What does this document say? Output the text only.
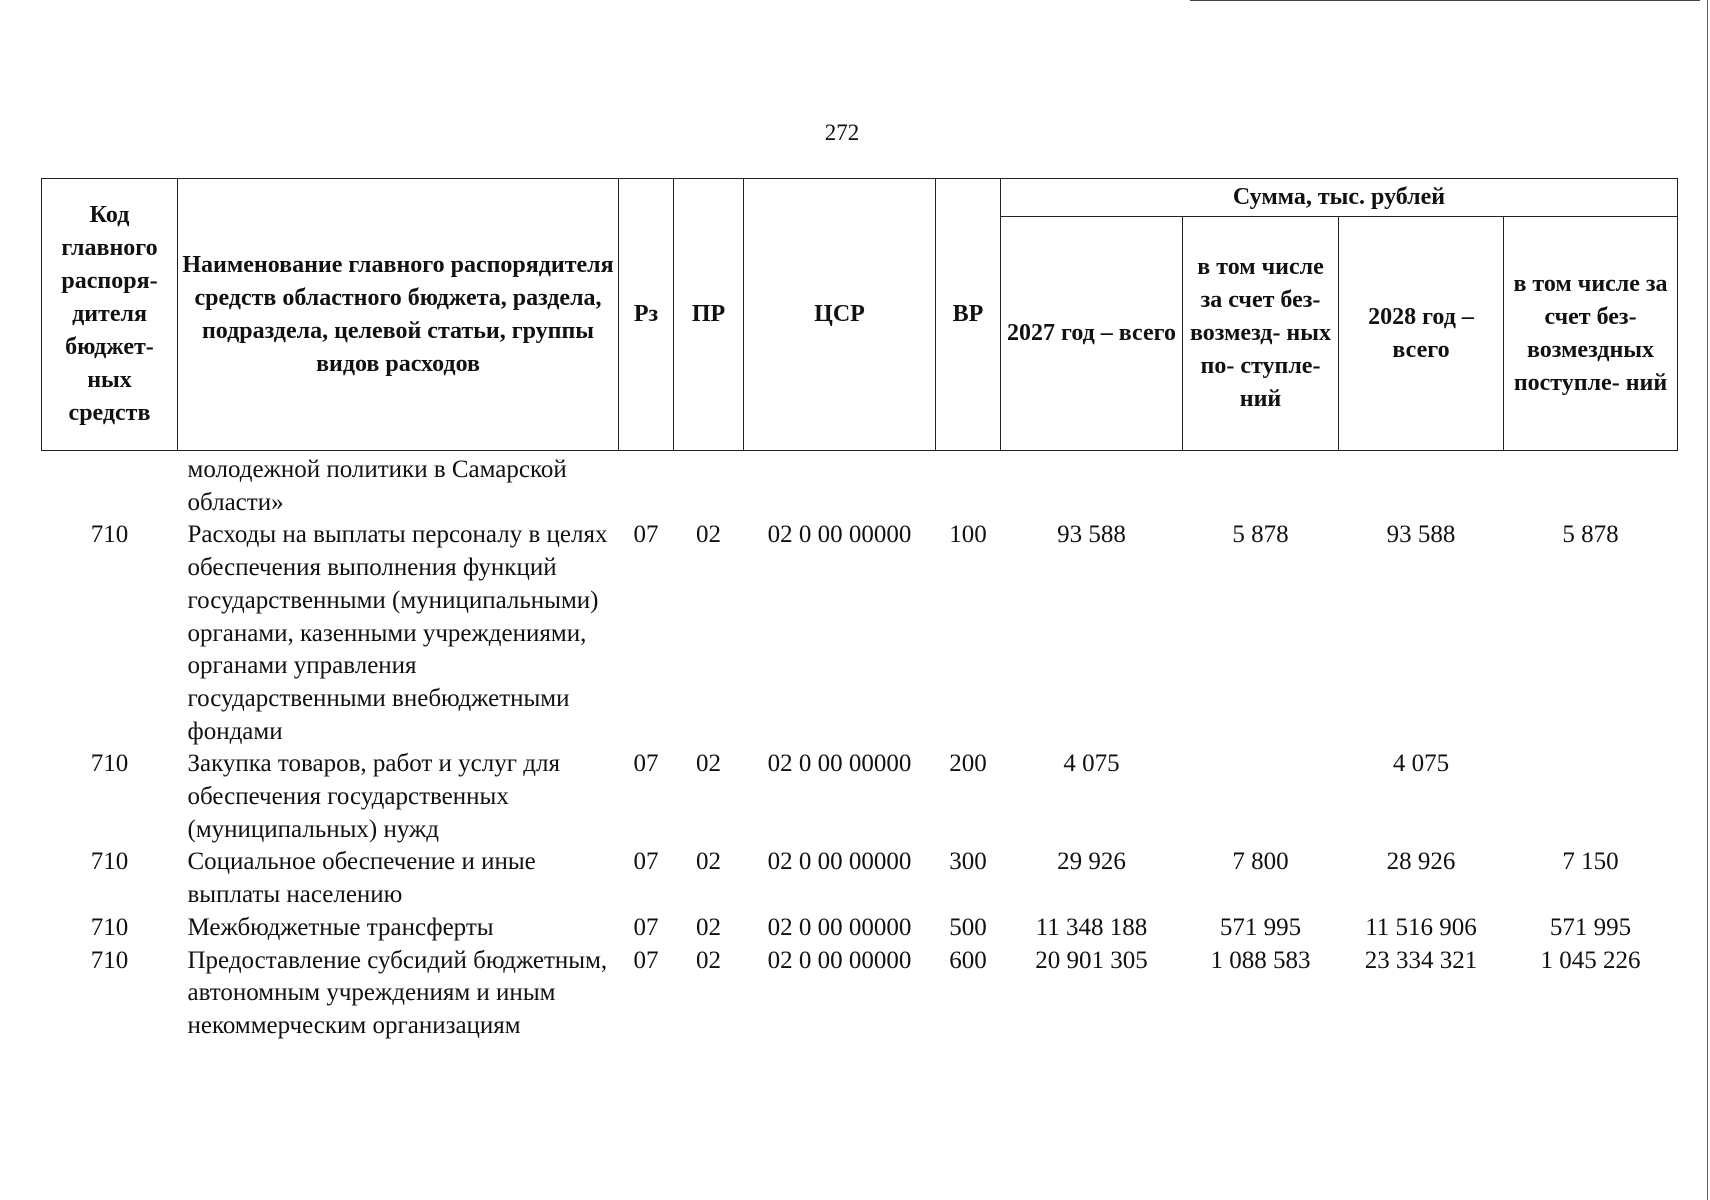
272
Код главного распоря- дителя бюджет- ных средств	Наименование главного распорядителя средств областного бюджета, раздела, подраздела, целевой статьи, группы видов расходов	Рз	ПР	ЦСР	ВР	Сумма, тыс. рублей			
						2027 год – всего	в том числе за счет без- возмезд- ных по- ступле- ний	2028 год – всего	в том числе за счет без- возмездных поступле- ний
	молодежной политики в Самарской области»								
710	Расходы на выплаты персоналу в целях обеспечения выполнения функций государственными (муниципальными) органами, казенными учреждениями, органами управления государственными внебюджетными фондами	07	02	02 0 00 00000	100	93 588	5 878	93 588	5 878
710	Закупка товаров, работ и услуг для обеспечения государственных (муниципальных) нужд	07	02	02 0 00 00000	200	4 075		4 075	
710	Социальное обеспечение и иные выплаты населению	07	02	02 0 00 00000	300	29 926	7 800	28 926	7 150
710	Межбюджетные трансферты	07	02	02 0 00 00000	500	11 348 188	571 995	11 516 906	571 995
710	Предоставление субсидий бюджетным, автономным учреждениям и иным некоммерческим организациям	07	02	02 0 00 00000	600	20 901 305	1 088 583	23 334 321	1 045 226
